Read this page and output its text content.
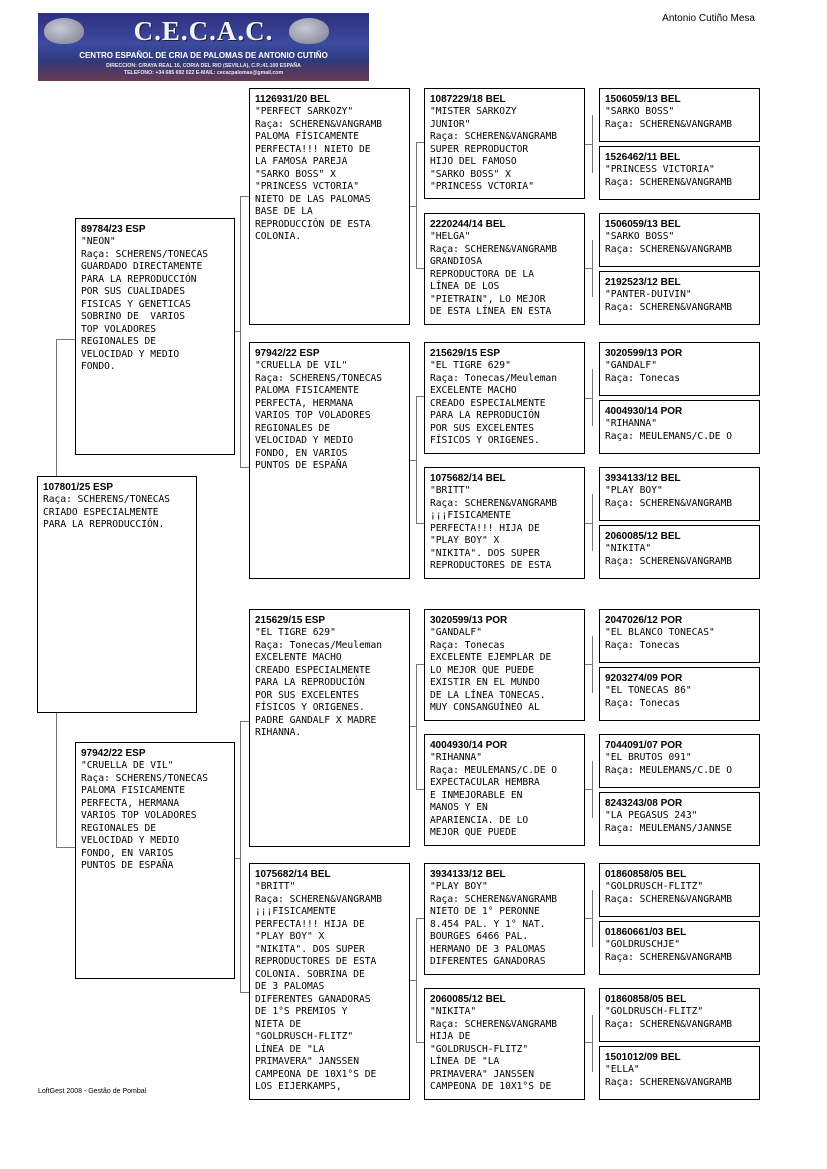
C.E.C.A.C.
CENTRO ESPAÑOL DE CRIA DE PALOMAS DE ANTONIO CUTIÑO
DIRECCION: C/RAYA REAL 16, CORIA DEL RIO (SEVILLA), C.P.:41.100 ESPAÑA
TELEFONO: +34 685 692 022 E-MAIL: cecacpalomas@gmail.com
Antonio Cutiño Mesa
107801/25 ESP
Raça: SCHERENS/TONECAS
CRIADO ESPECIALMENTE
PARA LA REPRODUCCIÓN.
89784/23 ESP
"NEON"
Raça: SCHERENS/TONECAS
GUARDADO DIRECTAMENTE
PARA LA REPRODUCCIÓN
POR SUS CUALIDADES
FISICAS Y GENETICAS
SOBRINO DE  VARIOS
TOP VOLADORES
REGIONALES DE
VELOCIDAD Y MEDIO
FONDO.
97942/22 ESP
"CRUELLA DE VIL"
Raça: SCHERENS/TONECAS
PALOMA FISICAMENTE
PERFECTA, HERMANA
VARIOS TOP VOLADORES
REGIONALES DE
VELOCIDAD Y MEDIO
FONDO, EN VARIOS
PUNTOS DE ESPAÑA
1126931/20 BEL
"PERFECT SARKOZY"
Raça: SCHEREN&VANGRAMB
PALOMA FÍSICAMENTE
PERFECTA!!! NIETO DE
LA FAMOSA PAREJA
"SARKO BOSS" X
"PRINCESS VCTORIA"
NIETO DE LAS PALOMAS
BASE DE LA
REPRODUCCIÓN DE ESTA
COLONIA.
97942/22 ESP
"CRUELLA DE VIL"
Raça: SCHERENS/TONECAS
PALOMA FISICAMENTE
PERFECTA, HERMANA
VARIOS TOP VOLADORES
REGIONALES DE
VELOCIDAD Y MEDIO
FONDO, EN VARIOS
PUNTOS DE ESPAÑA
215629/15 ESP
"EL TIGRE 629"
Raça: Tonecas/Meuleman
EXCELENTE MACHO
CREADO ESPECIALMENTE
PARA LA REPRODUCIÓN
POR SUS EXCELENTES
FÍSICOS Y ORIGENES.
PADRE GANDALF X MADRE
RIHANNA.
1075682/14 BEL
"BRITT"
Raça: SCHEREN&VANGRAMB
¡¡¡FISICAMENTE
PERFECTA!!! HIJA DE
"PLAY BOY" X
"NIKITA". DOS SUPER
REPRODUCTORES DE ESTA
COLONIA. SOBRINA DE
DE 3 PALOMAS
DIFERENTES GANADORAS
DE 1°S PREMIOS Y
NIETA DE
"GOLDRUSCH-FLITZ"
LÍNEA DE "LA
PRIMAVERA" JANSSEN
CAMPEONA DE 10X1°S DE
LOS EIJERKAMPS,
1087229/18 BEL
"MISTER SARKOZY
JUNIOR"
Raça: SCHEREN&VANGRAMB
SUPER REPRODUCTOR
HIJO DEL FAMOSO
"SARKO BOSS" X
"PRINCESS VCTORIA"
2220244/14 BEL
"HELGA"
Raça: SCHEREN&VANGRAMB
GRANDIOSA
REPRODUCTORA DE LA
LÍNEA DE LOS
"PIETRAIN", LO MEJOR
DE ESTA LÍNEA EN ESTA
215629/15 ESP
"EL TIGRE 629"
Raça: Tonecas/Meuleman
EXCELENTE MACHO
CREADO ESPECIALMENTE
PARA LA REPRODUCIÓN
POR SUS EXCELENTES
FÍSICOS Y ORIGENES.
1075682/14 BEL
"BRITT"
Raça: SCHEREN&VANGRAMB
¡¡¡FISICAMENTE
PERFECTA!!! HIJA DE
"PLAY BOY" X
"NIKITA". DOS SUPER
REPRODUCTORES DE ESTA
3020599/13 POR
"GANDALF"
Raça: Tonecas
EXCELENTE EJEMPLAR DE
LO MEJOR QUE PUEDE
EXISTIR EN EL MUNDO
DE LA LÍNEA TONECAS.
MUY CONSANGUÍNEO AL
4004930/14 POR
"RIHANNA"
Raça: MEULEMANS/C.DE O
EXPECTACULAR HEMBRA
E INMEJORABLE EN
MANOS Y EN
APARIENCIA. DE LO
MEJOR QUE PUEDE
3934133/12 BEL
"PLAY BOY"
Raça: SCHEREN&VANGRAMB
NIETO DE 1° PERONNE
8.454 PAL. Y 1° NAT.
BOURGES 6466 PAL.
HERMANO DE 3 PALOMAS
DIFERENTES GANADORAS
2060085/12 BEL
"NIKITA"
Raça: SCHEREN&VANGRAMB
HIJA DE
"GOLDRUSCH-FLITZ"
LÍNEA DE "LA
PRIMAVERA" JANSSEN
CAMPEONA DE 10X1°S DE
1506059/13 BEL
"SARKO BOSS"
Raça: SCHEREN&VANGRAMB
1526462/11 BEL
"PRINCESS VICTORIA"
Raça: SCHEREN&VANGRAMB
1506059/13 BEL
"SARKO BOSS"
Raça: SCHEREN&VANGRAMB
2192523/12 BEL
"PANTER-DUIVIN"
Raça: SCHEREN&VANGRAMB
3020599/13 POR
"GANDALF"
Raça: Tonecas
4004930/14 POR
"RIHANNA"
Raça: MEULEMANS/C.DE O
3934133/12 BEL
"PLAY BOY"
Raça: SCHEREN&VANGRAMB
2060085/12 BEL
"NIKITA"
Raça: SCHEREN&VANGRAMB
2047026/12 POR
"EL BLANCO TONECAS"
Raça: Tonecas
9203274/09 POR
"EL TONECAS 86"
Raça: Tonecas
7044091/07 POR
"EL BRUTOS 091"
Raça: MEULEMANS/C.DE O
8243243/08 POR
"LA PEGASUS 243"
Raça: MEULEMANS/JANNSE
01860858/05 BEL
"GOLDRUSCH-FLITZ"
Raça: SCHEREN&VANGRAMB
01860661/03 BEL
"GOLDRUSCHJE"
Raça: SCHEREN&VANGRAMB
01860858/05 BEL
"GOLDRUSCH-FLITZ"
Raça: SCHEREN&VANGRAMB
1501012/09 BEL
"ELLA"
Raça: SCHEREN&VANGRAMB
LoftGest 2008 - Gestão de Pombal
